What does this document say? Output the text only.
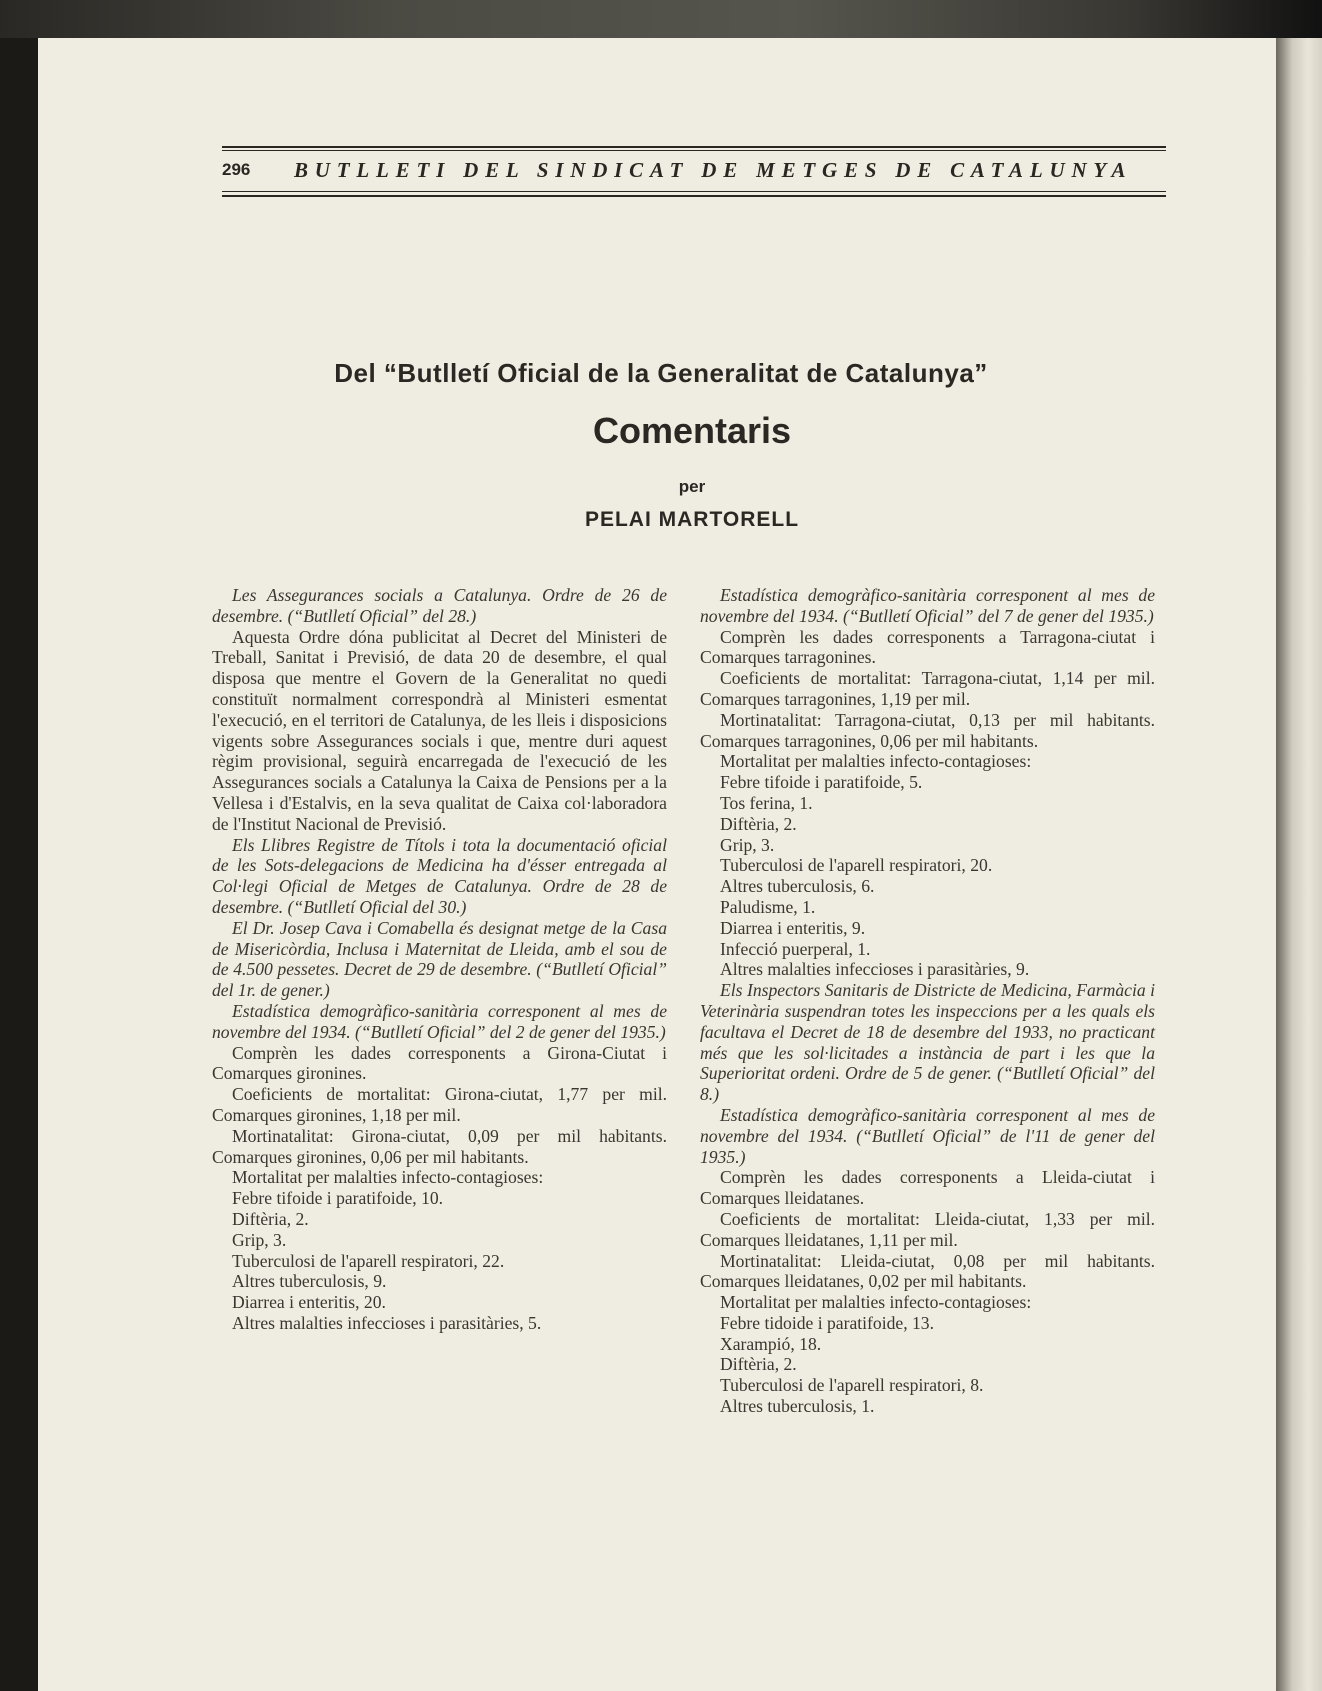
296 BUTLLETI DEL SINDICAT DE METGES DE CATALUNYA
Del “Butlletí Oficial de la Generalitat de Catalunya”
Comentaris
per
PELAI MARTORELL

Les Assegurances socials a Catalunya. Ordre de 26 de desembre. (“Butlletí Oficial” del 28.)

Aquesta Ordre dóna publicitat al Decret del Ministeri de Treball, Sanitat i Previsió, de data 20 de desembre, el qual disposa que mentre el Govern de la Generalitat no quedi constituït normalment correspondrà al Ministeri esmentat l'execució, en el territori de Catalunya, de les lleis i disposicions vigents sobre Assegurances socials i que, mentre duri aquest règim provisional, seguirà encarregada de l'execució de les Assegurances socials a Catalunya la Caixa de Pensions per a la Vellesa i d'Estalvis, en la seva qualitat de Caixa col·laboradora de l'Institut Nacional de Previsió.

Els Llibres Registre de Títols i tota la documentació oficial de les Sots-delegacions de Medicina ha d'ésser entregada al Col·legi Oficial de Metges de Catalunya. Ordre de 28 de desembre. (“Butlletí Oficial del 30.)

El Dr. Josep Cava i Comabella és designat metge de la Casa de Misericòrdia, Inclusa i Maternitat de Lleida, amb el sou de de 4.500 pessetes. Decret de 29 de desembre. (“Butlletí Oficial” del 1r. de gener.)

Estadística demogràfico-sanitària corresponent al mes de novembre del 1934. (“Butlletí Oficial” del 2 de gener del 1935.)

Comprèn les dades corresponents a Girona-Ciutat i Comarques gironines.

Coeficients de mortalitat: Girona-ciutat, 1,77 per mil. Comarques gironines, 1,18 per mil.

Mortinatalitat: Girona-ciutat, 0,09 per mil habitants. Comarques gironines, 0,06 per mil habitants.

Mortalitat per malalties infecto-contagioses:

Febre tifoide i paratifoide, 10.

Diftèria, 2.

Grip, 3.

Tuberculosi de l'aparell respiratori, 22.

Altres tuberculosis, 9.

Diarrea i enteritis, 20.

Altres malalties infeccioses i parasitàries, 5.

Estadística demogràfico-sanitària corresponent al mes de novembre del 1934. (“Butlletí Oficial” del 7 de gener del 1935.)

Comprèn les dades corresponents a Tarragona-ciutat i Comarques tarragonines.

Coeficients de mortalitat: Tarragona-ciutat, 1,14 per mil. Comarques tarragonines, 1,19 per mil.

Mortinatalitat: Tarragona-ciutat, 0,13 per mil habitants. Comarques tarragonines, 0,06 per mil habitants.

Mortalitat per malalties infecto-contagioses:

Febre tifoide i paratifoide, 5.

Tos ferina, 1.

Diftèria, 2.

Grip, 3.

Tuberculosi de l'aparell respiratori, 20.

Altres tuberculosis, 6.

Paludisme, 1.

Diarrea i enteritis, 9.

Infecció puerperal, 1.

Altres malalties infeccioses i parasitàries, 9.

Els Inspectors Sanitaris de Districte de Medicina, Farmàcia i Veterinària suspendran totes les inspeccions per a les quals els facultava el Decret de 18 de desembre del 1933, no practicant més que les sol·licitades a instància de part i les que la Superioritat ordeni. Ordre de 5 de gener. (“Butlletí Oficial” del 8.)

Estadística demogràfico-sanitària corresponent al mes de novembre del 1934. (“Butlletí Oficial” de l'11 de gener del 1935.)

Comprèn les dades corresponents a Lleida-ciutat i Comarques lleidatanes.

Coeficients de mortalitat: Lleida-ciutat, 1,33 per mil. Comarques lleidatanes, 1,11 per mil.

Mortinatalitat: Lleida-ciutat, 0,08 per mil habitants. Comarques lleidatanes, 0,02 per mil habitants.

Mortalitat per malalties infecto-contagioses:

Febre tidoide i paratifoide, 13.

Xarampió, 18.

Diftèria, 2.

Tuberculosi de l'aparell respiratori, 8.

Altres tuberculosis, 1.
